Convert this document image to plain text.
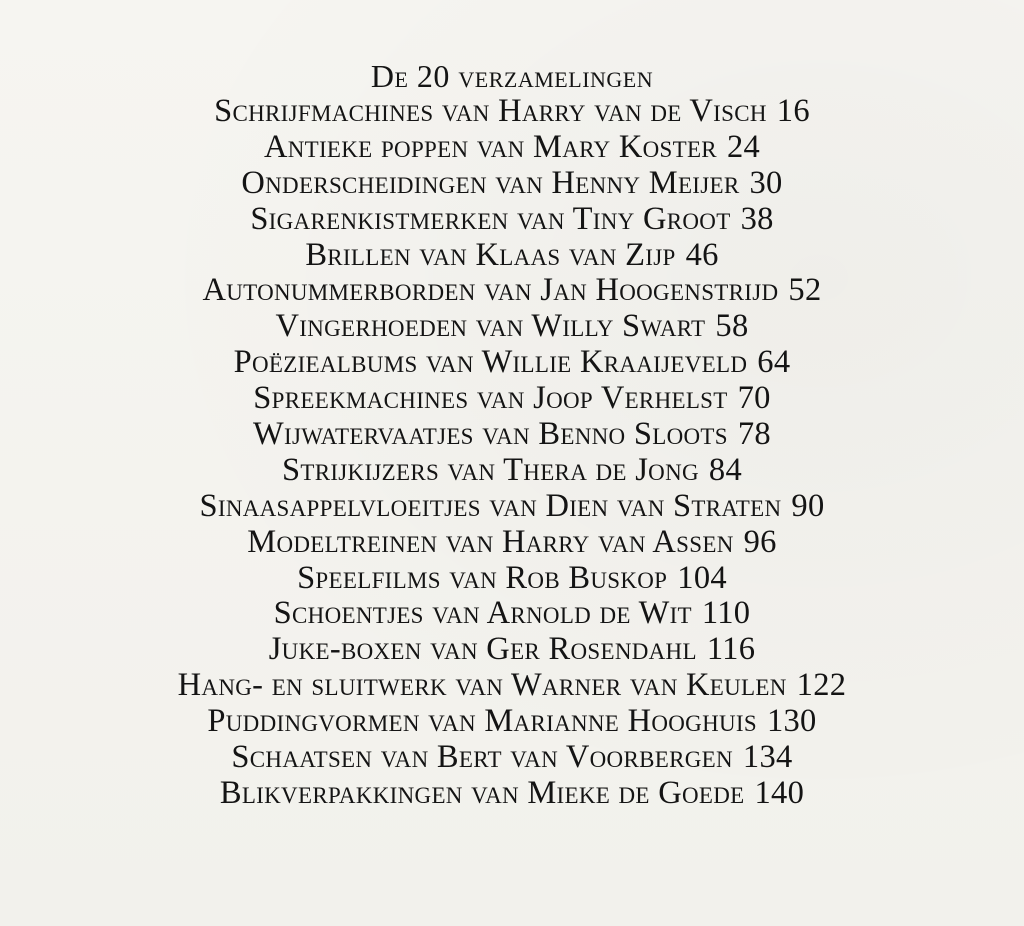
De 20 verzamelingen
Schrijfmachines van Harry van de Visch 16
Antieke poppen van Mary Koster 24
Onderscheidingen van Henny Meijer 30
Sigarenkistmerken van Tiny Groot 38
Brillen van Klaas van Zijp 46
Autonummerborden van Jan Hoogenstrijd 52
Vingerhoeden van Willy Swart 58
Poëziealbums van Willie Kraaijeveld 64
Spreekmachines van Joop Verhelst 70
Wijwatervaatjes van Benno Sloots 78
Strijkijzers van Thera de Jong 84
Sinaasappelvloeitjes van Dien van Straten 90
Modeltreinen van Harry van Assen 96
Speelfilms van Rob Buskop 104
Schoentjes van Arnold de Wit 110
Juke-boxen van Ger Rosendahl 116
Hang- en sluitwerk van Warner van Keulen 122
Puddingvormen van Marianne Hooghuis 130
Schaatsen van Bert van Voorbergen 134
Blikverpakkingen van Mieke de Goede 140
